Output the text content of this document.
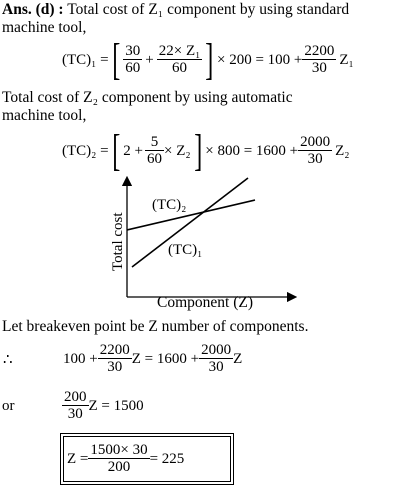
Ans. (d) : Total cost of Z₁ component by using standard
machine tool,
(TC)₁ = [ $\frac{30}{60} + \frac{\text{22× Z₁}}{60}$ ] × $200 = 100 + \frac{2200}{30} Z_1$
Total cost of Z₂ component by using automatic
machine tool,
(TC)₂ = [ $2 + \frac{5}{60} \times Z_2$ ] × $800 = 1600 + \frac{2000}{30} Z_2$
(TC)₂
(TC)₁
Total cost
Component (Z)
Let breakeven point be Z number of components.
∴	$100 + \frac{2200}{30}$ $Z = 1600 + \frac{2000}{30}$ Z
or	$\frac{200}{30}$ Z = 1500
$Z = \frac{1500\times 30}{200} = 225$
